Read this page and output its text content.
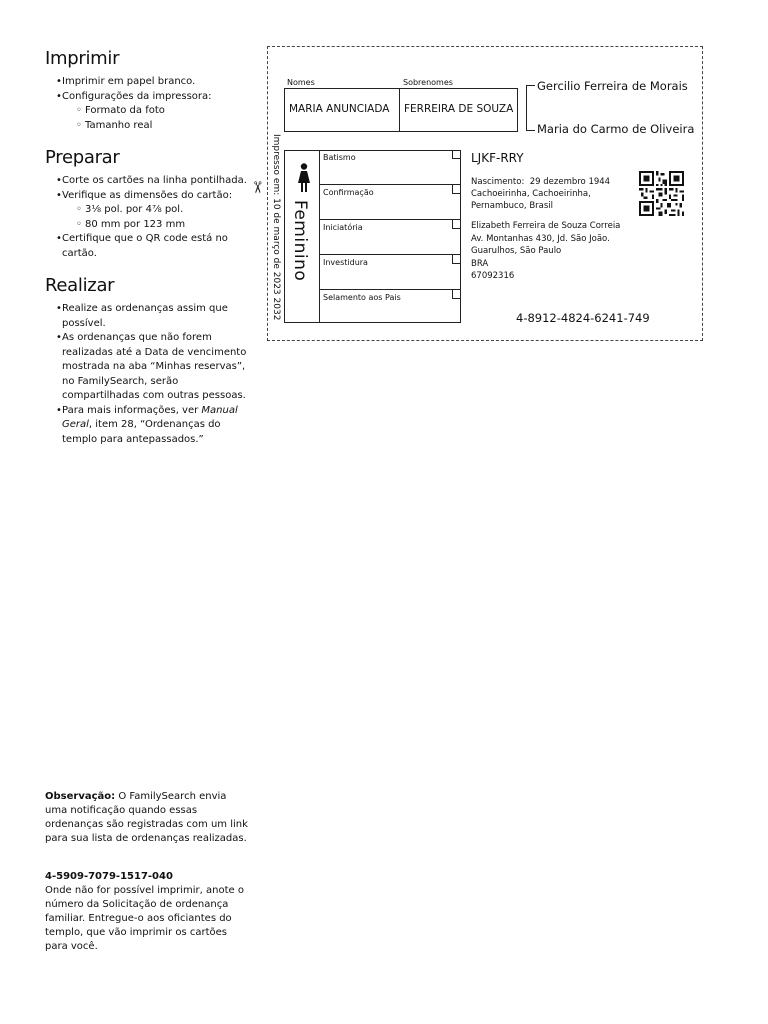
Imprimir
• Imprimir em papel branco.
• Configurações da impressora:
◦ Formato da foto
◦ Tamanho real
Preparar
• Corte os cartões na linha pontilhada.
• Verifique as dimensões do cartão:
◦ 3⅛ pol. por 4⅞ pol.
◦ 80 mm por 123 mm
• Certifique que o QR code está no cartão.
Realizar
• Realize as ordenanças assim que possível.
• As ordenanças que não forem realizadas até a Data de vencimento mostrada na aba “Minhas reservas”, no FamilySearch, serão compartilhadas com outras pessoas.
• Para mais informações, ver Manual Geral, item 28, “Ordenanças do templo para antepassados.”
Observação: O FamilySearch envia uma notificação quando essas ordenanças são registradas com um link para sua lista de ordenanças realizadas.
4-5909-7079-1517-040
Onde não for possível imprimir, anote o número da Solicitação de ordenança familiar. Entregue-o aos oficiantes do templo, que vão imprimir os cartões para você.
✂
Nomes	Sobrenomes
MARIA ANUNCIADA FERREIRA DE SOUZA
Gercilio Ferreira de Morais
Maria do Carmo de Oliveira
Impresso em: 10 de março de 2023 2032 Feminino
Batismo
Confirmação
Iniciatória
Investidura
Selamento aos Pais
LJKF-RRY
Nascimento: 29 dezembro 1944
Cachoeirinha, Cachoeirinha,
Pernambuco, Brasil
Elizabeth Ferreira de Souza Correia
Av. Montanhas 430, Jd. São João.
Guarulhos, São Paulo
BRA
67092316
4-8912-4824-6241-749
